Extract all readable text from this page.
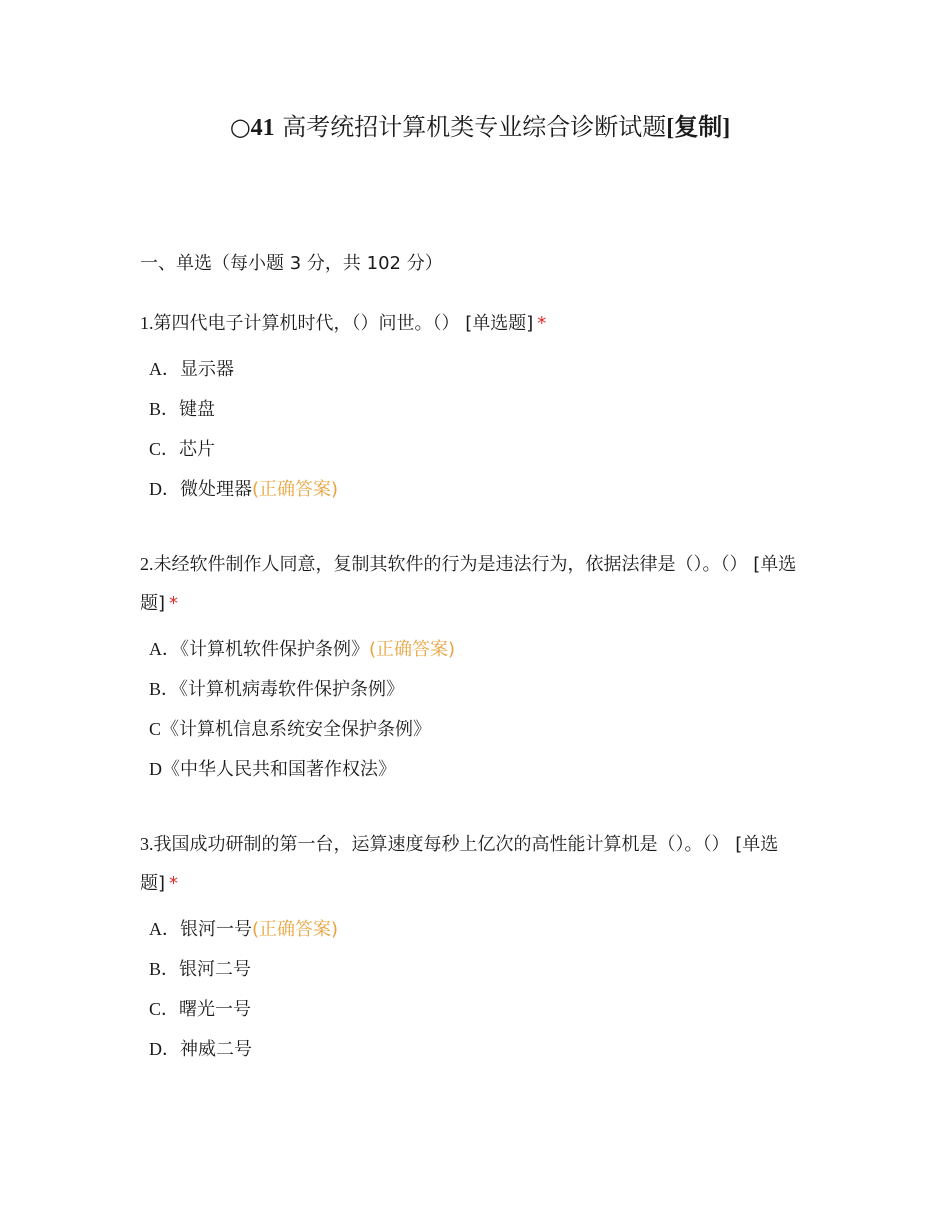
○41 高考统招计算机类专业综合诊断试题[复制]
一、单选（每小题 3 分，共 102 分）
1.第四代电子计算机时代，（）问世。（） [单选题] *
A．显示器
B．键盘
C．芯片
D．微处理器(正确答案)
2.未经软件制作人同意，复制其软件的行为是违法行为，依据法律是（）。（） [单选题] *
A．《计算机软件保护条例》(正确答案)
B．《计算机病毒软件保护条例》
C《计算机信息系统安全保护条例》
D《中华人民共和国著作权法》
3.我国成功研制的第一台，运算速度每秒上亿次的高性能计算机是（）。（） [单选题] *
A．银河一号(正确答案)
B．银河二号
C．曙光一号
D．神威二号
